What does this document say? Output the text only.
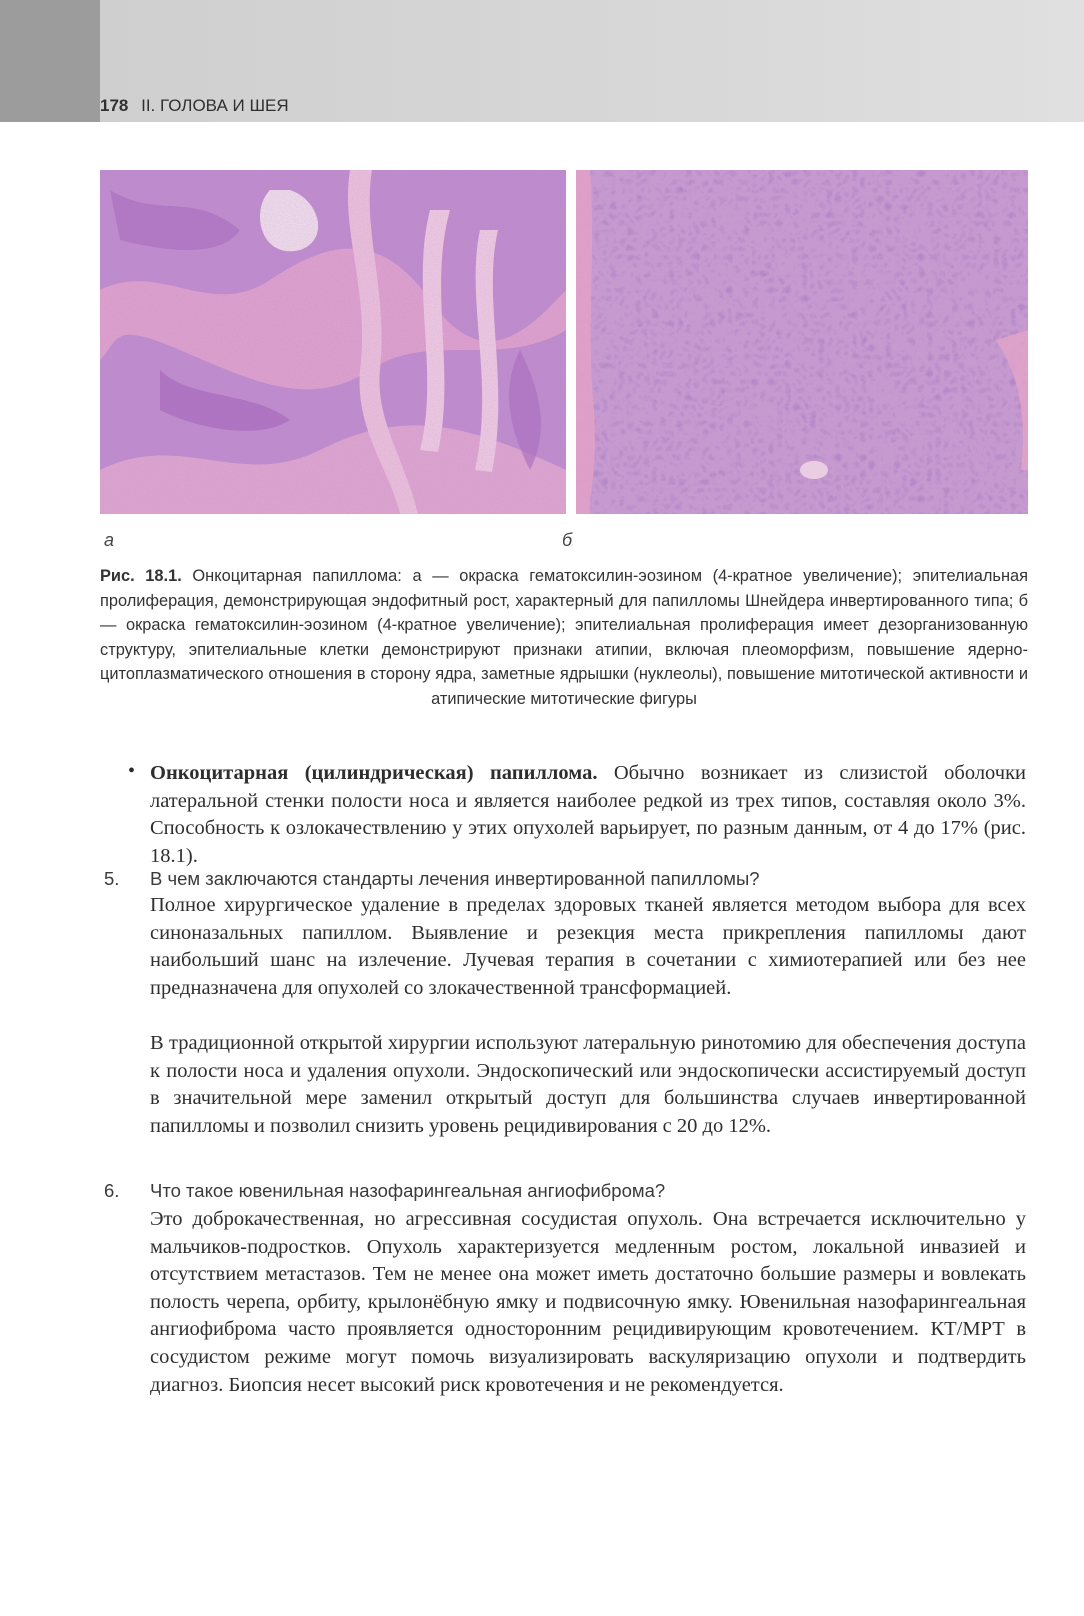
178 II. ГОЛОВА И ШЕЯ
а	б
Рис. 18.1. Онкоцитарная папиллома: а — окраска гематоксилин-эозином (4-кратное увеличение); эпителиальная пролиферация, демонстрирующая эндофитный рост, характерный для папилломы Шнейдера инвертированного типа; б — окраска гематоксилин-эозином (4-кратное увеличение); эпителиальная пролиферация имеет дезорганизованную структуру, эпителиальные клетки демонстрируют признаки атипии, включая плеоморфизм, повышение ядерно-цитоплазматического отношения в сторону ядра, заметные ядрышки (нуклеолы), повышение митотической активности и атипические митотические фигуры
• Онкоцитарная (цилиндрическая) папиллома. Обычно возникает из слизистой оболочки латеральной стенки полости носа и является наиболее редкой из трех типов, составляя около 3%. Способность к озлокачествлению у этих опухолей варьирует, по разным данным, от 4 до 17% (рис. 18.1).
5. В чем заключаются стандарты лечения инвертированной папилломы?
Полное хирургическое удаление в пределах здоровых тканей является методом выбора для всех синоназальных папиллом. Выявление и резекция места прикрепления папилломы дают наибольший шанс на излечение. Лучевая терапия в сочетании с химиотерапией или без нее предназначена для опухолей со злокачественной трансформацией.
В традиционной открытой хирургии используют латеральную ринотомию для обеспечения доступа к полости носа и удаления опухоли. Эндоскопический или эндоскопически ассистируемый доступ в значительной мере заменил открытый доступ для большинства случаев инвертированной папилломы и позволил снизить уровень рецидивирования с 20 до 12%.
6. Что такое ювенильная назофарингеальная ангиофиброма?
Это доброкачественная, но агрессивная сосудистая опухоль. Она встречается исключительно у мальчиков-подростков. Опухоль характеризуется медленным ростом, локальной инвазией и отсутствием метастазов. Тем не менее она может иметь достаточно большие размеры и вовлекать полость черепа, орбиту, крылонёбную ямку и подвисочную ямку. Ювенильная назофарингеальная ангиофиброма часто проявляется односторонним рецидивирующим кровотечением. КТ/МРТ в сосудистом режиме могут помочь визуализировать васкуляризацию опухоли и подтвердить диагноз. Биопсия несет высокий риск кровотечения и не рекомендуется.
